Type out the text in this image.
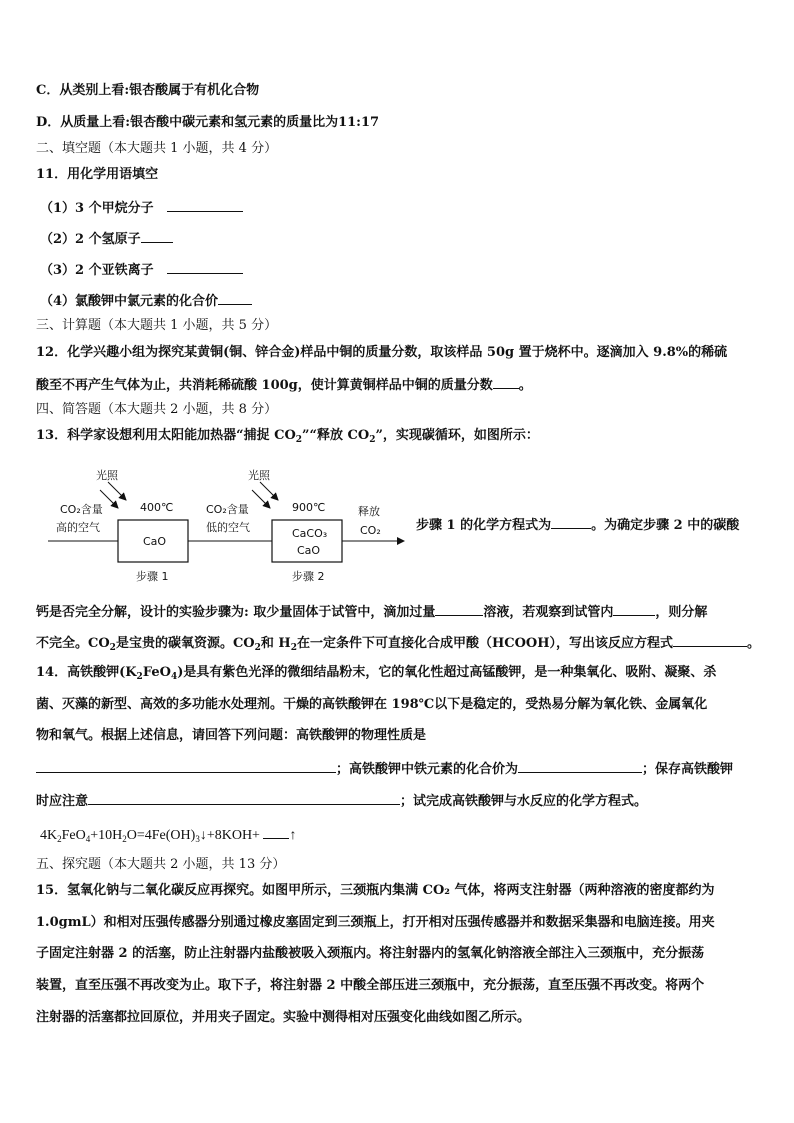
C．从类别上看:银杏酸属于有机化合物
D．从质量上看:银杏酸中碳元素和氢元素的质量比为11:17
二、填空题（本大题共 1 小题，共 4 分）
11．用化学用语填空
（1）3 个甲烷分子
（2）2 个氢原子
（3）2 个亚铁离子
（4）氯酸钾中氯元素的化合价
三、计算题（本大题共 1 小题，共 5 分）
12．化学兴趣小组为探究某黄铜(铜、锌合金)样品中铜的质量分数，取该样品 50g 置于烧杯中。逐滴加入 9.8%的稀硫
酸至不再产生气体为止，共消耗稀硫酸 100g，使计算黄铜样品中铜的质量分数 。
四、简答题（本大题共 2 小题，共 8 分）
13．科学家设想利用太阳能加热器“捕捉 $CO_2”“$释放 $CO_2$”，实现碳循环，如图所示：
光照	光照
CO₂含量
高的空气
400℃
CaO
CO₂含量
低的空气
900℃
CaCO₃
CaO
释放
CO₂
步骤 1	步骤 2
步骤 1 的化学方程式为	。为确定步骤 2 中的碳酸
钙是否完全分解，设计的实验步骤为: 取少量固体于试管中，滴加过量	溶液，若观察到试管内	，则分解
不完全。$CO_2$是宝贵的碳氧资源。$CO_2$和 $H_2$在一定条件下可直接化合成甲酸（HCOOH），写出该反应方程式	。
14．高铁酸钾$(K_2FeO_4)$是具有紫色光泽的微细结晶粉末，它的氧化性超过高锰酸钾，是一种集氧化、吸附、凝聚、杀
菌、灭藻的新型、高效的多功能水处理剂。干燥的高铁酸钾在 198℃以下是稳定的，受热易分解为氧化铁、金属氧化
物和氧气。根据上述信息，请回答下列问题：高铁酸钾的物理性质是
；高铁酸钾中铁元素的化合价为	；保存高铁酸钾
时应注意	；试完成高铁酸钾与水反应的化学方程式。
$4K_2FeO_4+10H_2O=4Fe(OH)_3↓+8KOH+$ ↑
五、探究题（本大题共 2 小题，共 13 分）
15．氢氧化钠与二氧化碳反应再探究。如图甲所示，三颈瓶内集满 CO₂ 气体，将两支注射器（两种溶液的密度都约为
1.0gmL）和相对压强传感器分别通过橡皮塞固定到三颈瓶上，打开相对压强传感器并和数据采集器和电脑连接。用夹
子固定注射器 2 的活塞，防止注射器内盐酸被吸入颈瓶内。将注射器内的氢氧化钠溶液全部注入三颈瓶中，充分振荡
装置，直至压强不再改变为止。取下子，将注射器 2 中酸全部压进三颈瓶中，充分振荡，直至压强不再改变。将两个
注射器的活塞都拉回原位，并用夹子固定。实验中测得相对压强变化曲线如图乙所示。
